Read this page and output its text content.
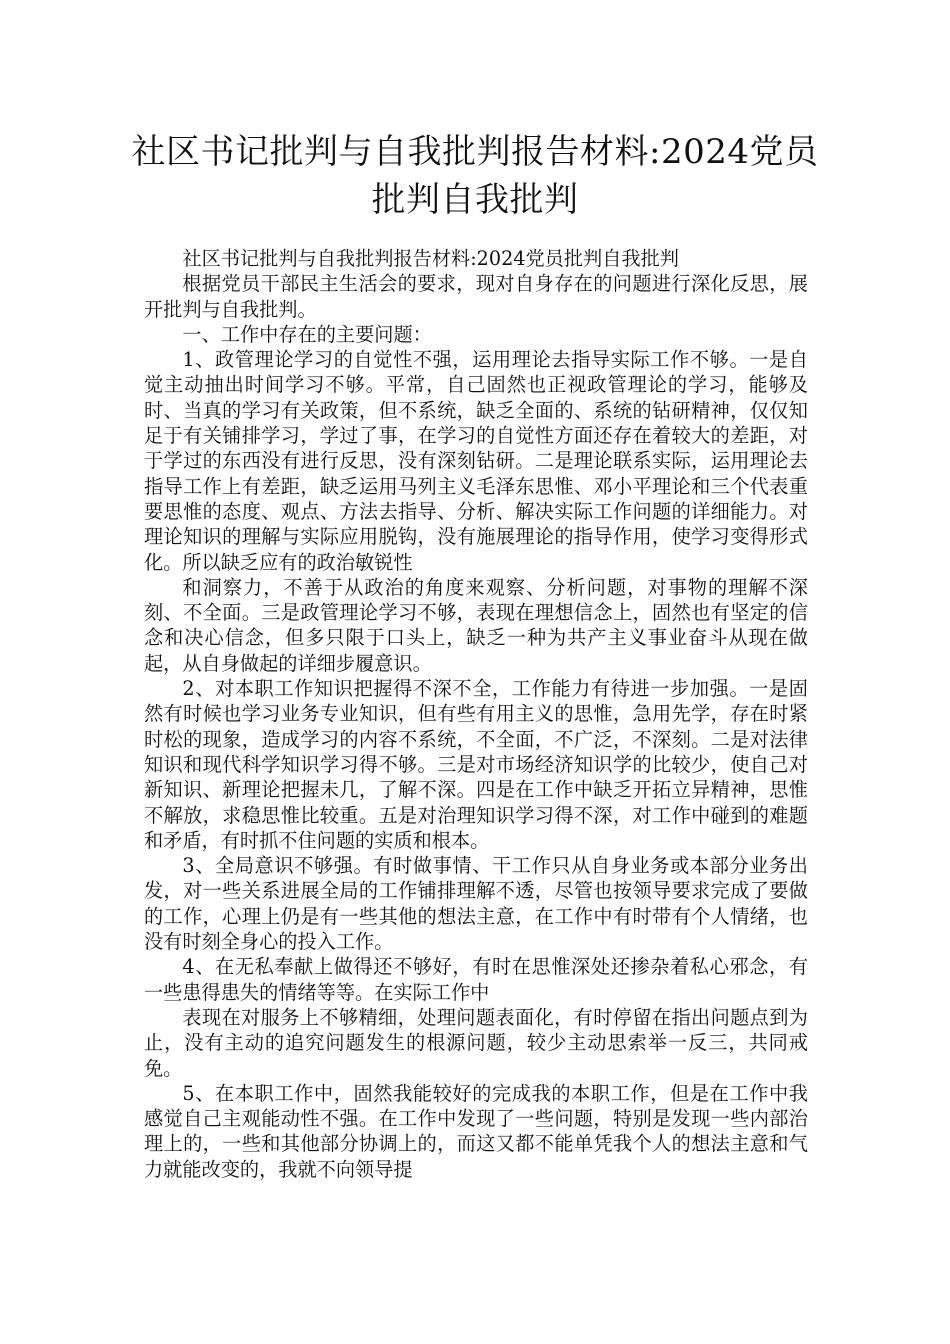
社区书记批判与自我批判报告材料:2024党员批判自我批判

社区书记批判与自我批判报告材料:2024党员批判自我批判

根据党员干部民主生活会的要求，现对自身存在的问题进行深化反思，展开批判与自我批判。

一、工作中存在的主要问题：

1、政管理论学习的自觉性不强，运用理论去指导实际工作不够。一是自觉主动抽出时间学习不够。平常，自己固然也正视政管理论的学习，能够及时、当真的学习有关政策，但不系统，缺乏全面的、系统的钻研精神，仅仅知足于有关铺排学习，学过了事，在学习的自觉性方面还存在着较大的差距，对于学过的东西没有进行反思，没有深刻钻研。二是理论联系实际，运用理论去指导工作上有差距，缺乏运用马列主义毛泽东思惟、邓小平理论和三个代表重要思惟的态度、观点、方法去指导、分析、解决实际工作问题的详细能力。对理论知识的理解与实际应用脱钩，没有施展理论的指导作用，使学习变得形式化。所以缺乏应有的政治敏锐性

和洞察力，不善于从政治的角度来观察、分析问题，对事物的理解不深刻、不全面。三是政管理论学习不够，表现在理想信念上，固然也有坚定的信念和决心信念，但多只限于口头上，缺乏一种为共产主义事业奋斗从现在做起，从自身做起的详细步履意识。

2、对本职工作知识把握得不深不全，工作能力有待进一步加强。一是固然有时候也学习业务专业知识，但有些有用主义的思惟，急用先学，存在时紧时松的现象，造成学习的内容不系统，不全面，不广泛，不深刻。二是对法律知识和现代科学知识学习得不够。三是对市场经济知识学的比较少，使自己对新知识、新理论把握未几，了解不深。四是在工作中缺乏开拓立异精神，思惟不解放，求稳思惟比较重。五是对治理知识学习得不深，对工作中碰到的难题和矛盾，有时抓不住问题的实质和根本。

3、全局意识不够强。有时做事情、干工作只从自身业务或本部分业务出发，对一些关系进展全局的工作铺排理解不透，尽管也按领导要求完成了要做的工作，心理上仍是有一些其他的想法主意，在工作中有时带有个人情绪，也没有时刻全身心的投入工作。

4、在无私奉献上做得还不够好，有时在思惟深处还掺杂着私心邪念，有一些患得患失的情绪等等。在实际工作中

表现在对服务上不够精细，处理问题表面化，有时停留在指出问题点到为止，没有主动的追究问题发生的根源问题，较少主动思索举一反三，共同戒免。

5、在本职工作中，固然我能较好的完成我的本职工作，但是在工作中我感觉自己主观能动性不强。在工作中发现了一些问题，特别是发现一些内部治理上的，一些和其他部分协调上的，而这又都不能单凭我个人的想法主意和气力就能改变的，我就不向领导提
